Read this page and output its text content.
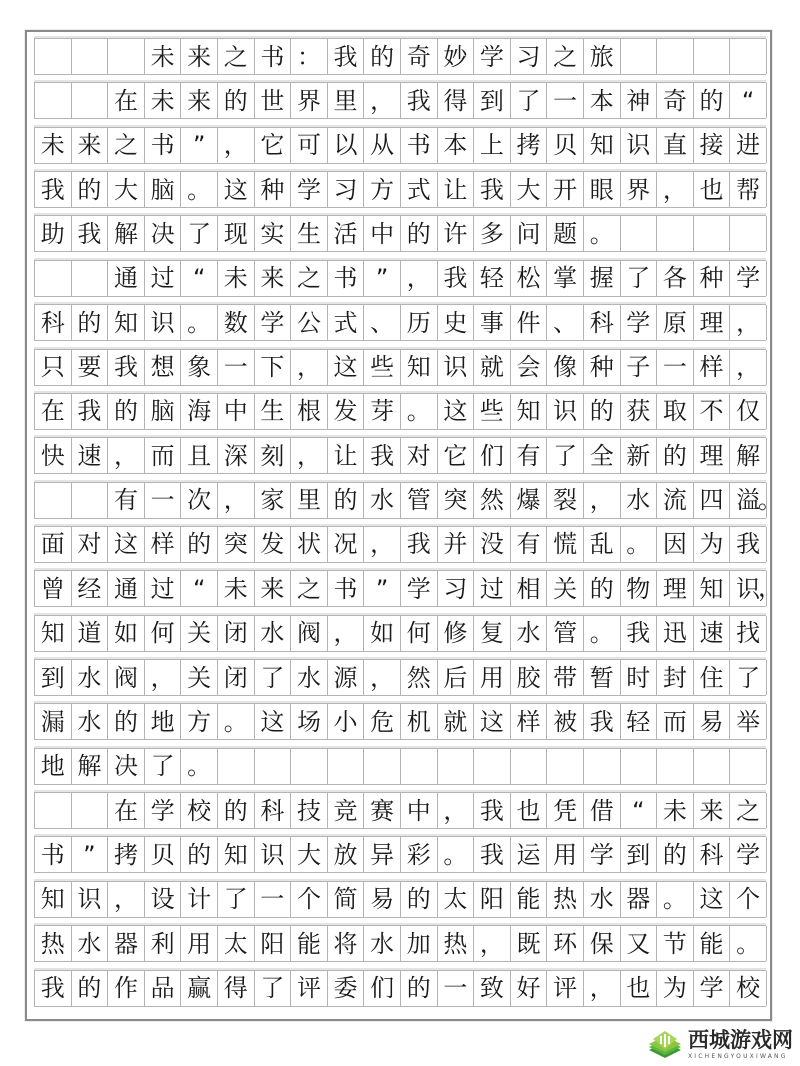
未 来 之 书 ： 我 的 奇 妙 学 习 之 旅
在 未 来 的 世 界 里 ， 我 得 到 了 一 本 神 奇 的 “
未 来 之 书 ” ， 它 可 以 从 书 本 上 拷 贝 知 识 直 接 进
我 的 大 脑 。 这 种 学 习 方 式 让 我 大 开 眼 界 ， 也 帮
助 我 解 决 了 现 实 生 活 中 的 许 多 问 题 。
通 过 “ 未 来 之 书 ” ， 我 轻 松 掌 握 了 各 种 学
科 的 知 识 。 数 学 公 式 、 历 史 事 件 、 科 学 原 理 ，
只 要 我 想 象 一 下 ， 这 些 知 识 就 会 像 种 子 一 样 ，
在 我 的 脑 海 中 生 根 发 芽 。 这 些 知 识 的 获 取 不 仅
快 速 ， 而 且 深 刻 ， 让 我 对 它 们 有 了 全 新 的 理 解
有 一 次 ， 家 里 的 水 管 突 然 爆 裂 ， 水 流 四 溢
。
面 对 这 样 的 突 发 状 况 ， 我 并 没 有 慌 乱 。 因 为 我
曾 经 通 过 “ 未 来 之 书 ” 学 习 过 相 关 的 物 理 知 识
，
知 道 如 何 关 闭 水 阀 ， 如 何 修 复 水 管 。 我 迅 速 找
到 水 阀 ， 关 闭 了 水 源 ， 然 后 用 胶 带 暂 时 封 住 了
漏 水 的 地 方 。 这 场 小 危 机 就 这 样 被 我 轻 而 易 举
地 解 决 了 。
在 学 校 的 科 技 竞 赛 中 ， 我 也 凭 借 “ 未 来 之
书 ” 拷 贝 的 知 识 大 放 异 彩 。 我 运 用 学 到 的 科 学
知 识 ， 设 计 了 一 个 简 易 的 太 阳 能 热 水 器 。 这 个
热 水 器 利 用 太 阳 能 将 水 加 热 ， 既 环 保 又 节 能 。
我 的 作 品 赢 得 了 评 委 们 的 一 致 好 评 ， 也 为 学 校
西城游戏网
XICHENGYOUXIWANG
